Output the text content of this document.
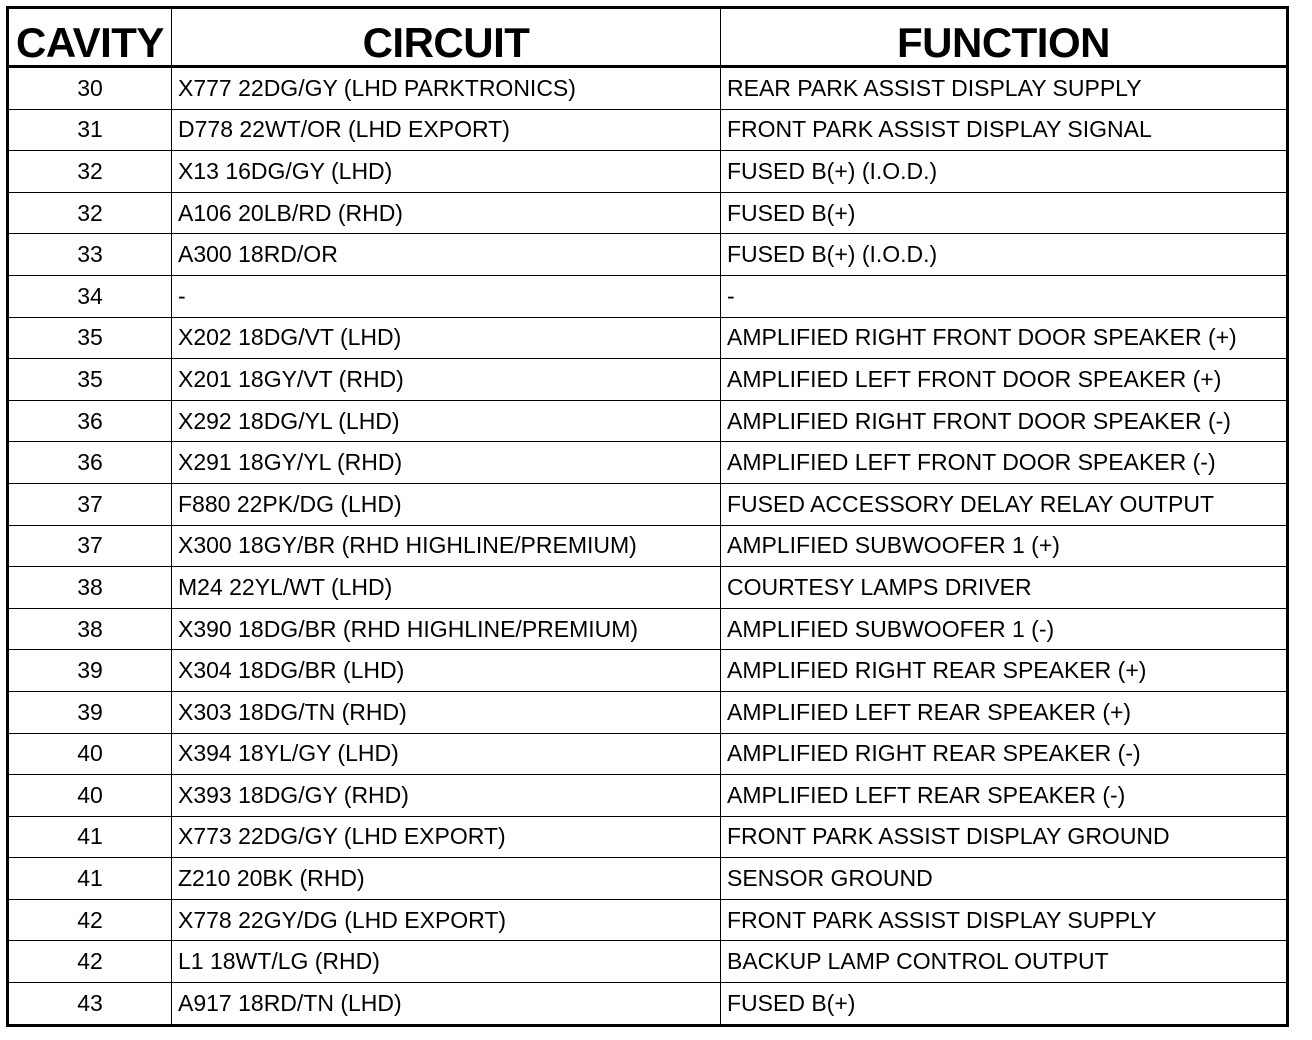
CAVITY	CIRCUIT	FUNCTION
30	X777 22DG/GY (LHD PARKTRONICS)	REAR PARK ASSIST DISPLAY SUPPLY
31	D778 22WT/OR (LHD EXPORT)	FRONT PARK ASSIST DISPLAY SIGNAL
32	X13 16DG/GY (LHD)	FUSED B(+) (I.O.D.)
32	A106 20LB/RD (RHD)	FUSED B(+)
33	A300 18RD/OR	FUSED B(+) (I.O.D.)
34	-	-
35	X202 18DG/VT (LHD)	AMPLIFIED RIGHT FRONT DOOR SPEAKER (+)
35	X201 18GY/VT (RHD)	AMPLIFIED LEFT FRONT DOOR SPEAKER (+)
36	X292 18DG/YL (LHD)	AMPLIFIED RIGHT FRONT DOOR SPEAKER (-)
36	X291 18GY/YL (RHD)	AMPLIFIED LEFT FRONT DOOR SPEAKER (-)
37	F880 22PK/DG (LHD)	FUSED ACCESSORY DELAY RELAY OUTPUT
37	X300 18GY/BR (RHD HIGHLINE/PREMIUM)	AMPLIFIED SUBWOOFER 1 (+)
38	M24 22YL/WT (LHD)	COURTESY LAMPS DRIVER
38	X390 18DG/BR (RHD HIGHLINE/PREMIUM)	AMPLIFIED SUBWOOFER 1 (-)
39	X304 18DG/BR (LHD)	AMPLIFIED RIGHT REAR SPEAKER (+)
39	X303 18DG/TN (RHD)	AMPLIFIED LEFT REAR SPEAKER (+)
40	X394 18YL/GY (LHD)	AMPLIFIED RIGHT REAR SPEAKER (-)
40	X393 18DG/GY (RHD)	AMPLIFIED LEFT REAR SPEAKER (-)
41	X773 22DG/GY (LHD EXPORT)	FRONT PARK ASSIST DISPLAY GROUND
41	Z210 20BK (RHD)	SENSOR GROUND
42	X778 22GY/DG (LHD EXPORT)	FRONT PARK ASSIST DISPLAY SUPPLY
42	L1 18WT/LG (RHD)	BACKUP LAMP CONTROL OUTPUT
43	A917 18RD/TN (LHD)	FUSED B(+)
